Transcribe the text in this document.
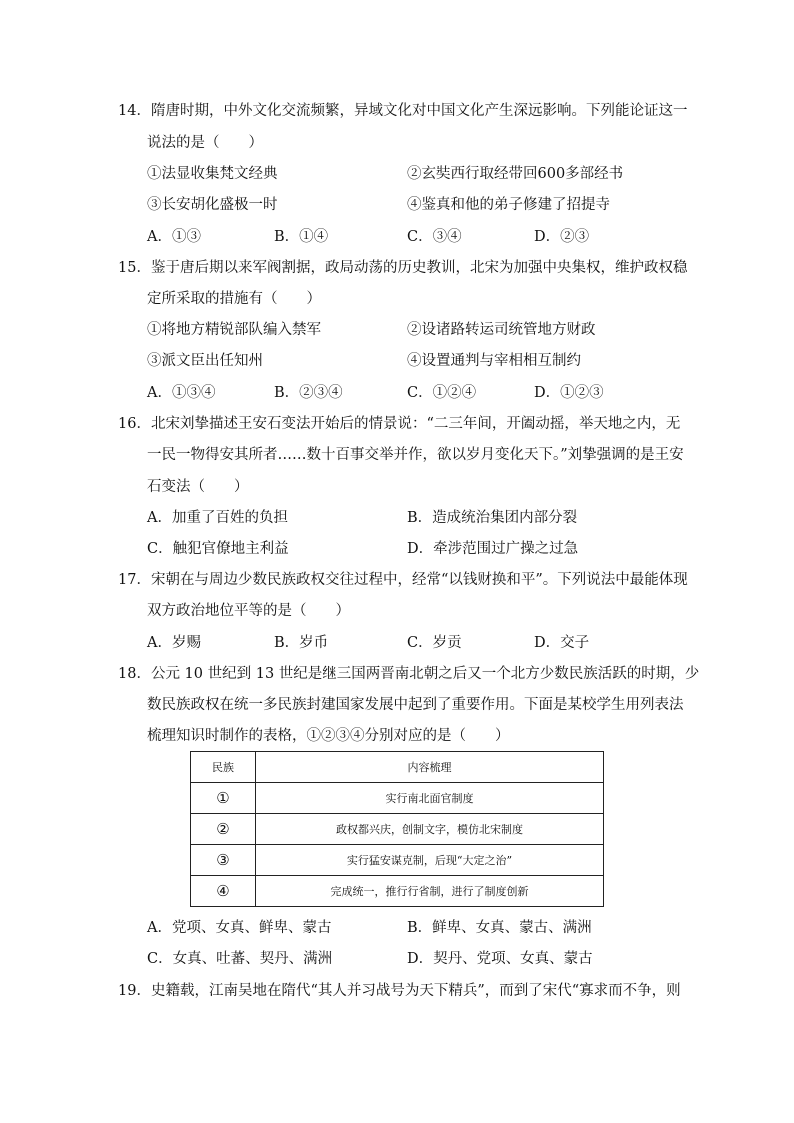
14．隋唐时期，中外文化交流频繁，异域文化对中国文化产生深远影响。下列能论证这一
说法的是（　　）
①法显收集梵文经典	②玄奘西行取经带回600多部经书
③长安胡化盛极一时	④鉴真和他的弟子修建了招提寺
A．①③	B．①④	C．③④	D．②③
15．鉴于唐后期以来军阀割据，政局动荡的历史教训，北宋为加强中央集权，维护政权稳
定所采取的措施有（　　）
①将地方精锐部队编入禁军	②设诸路转运司统管地方财政
③派文臣出任知州	④设置通判与宰相相互制约
A．①③④	B．②③④	C．①②④	D．①②③
16．北宋刘挚描述王安石变法开始后的情景说：“二三年间，开阖动摇，举天地之内，无
一民一物得安其所者……数十百事交举并作，欲以岁月变化天下。”刘挚强调的是王安
石变法（　　）
A．加重了百姓的负担	B．造成统治集团内部分裂
C．触犯官僚地主利益	D．牵涉范围过广操之过急
17．宋朝在与周边少数民族政权交往过程中，经常“以钱财换和平”。下列说法中最能体现
双方政治地位平等的是（　　）
A．岁赐	B．岁币	C．岁贡	D．交子
18．公元 10 世纪到 13 世纪是继三国两晋南北朝之后又一个北方少数民族活跃的时期，少
数民族政权在统一多民族封建国家发展中起到了重要作用。下面是某校学生用列表法
梳理知识时制作的表格，①②③④分别对应的是（　　）
民族	内容梳理
①	实行南北面官制度
②	政权都兴庆，创制文字，模仿北宋制度
③	实行猛安谋克制，后现“大定之治”
④	完成统一，推行行省制，进行了制度创新
A．党项、女真、鲜卑、蒙古	B．鲜卑、女真、蒙古、满洲
C．女真、吐蕃、契丹、满洲	D．契丹、党项、女真、蒙古
19．史籍载，江南吴地在隋代“其人并习战号为天下精兵”，而到了宋代“寡求而不争，则
